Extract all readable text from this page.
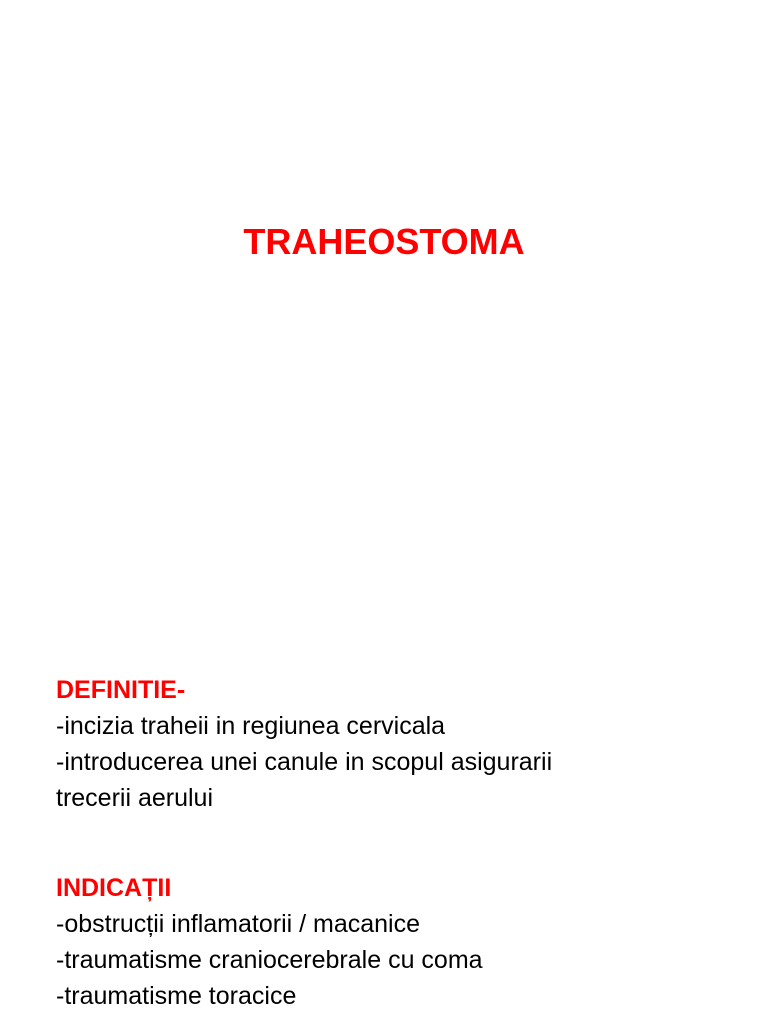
TRAHEOSTOMA
DEFINITIE-
-incizia traheii in regiunea cervicala
-introducerea unei canule in scopul asigurarii
trecerii aerului
INDICAȚII
-obstrucții inflamatorii / macanice
-traumatisme craniocerebrale cu coma
-traumatisme toracice
